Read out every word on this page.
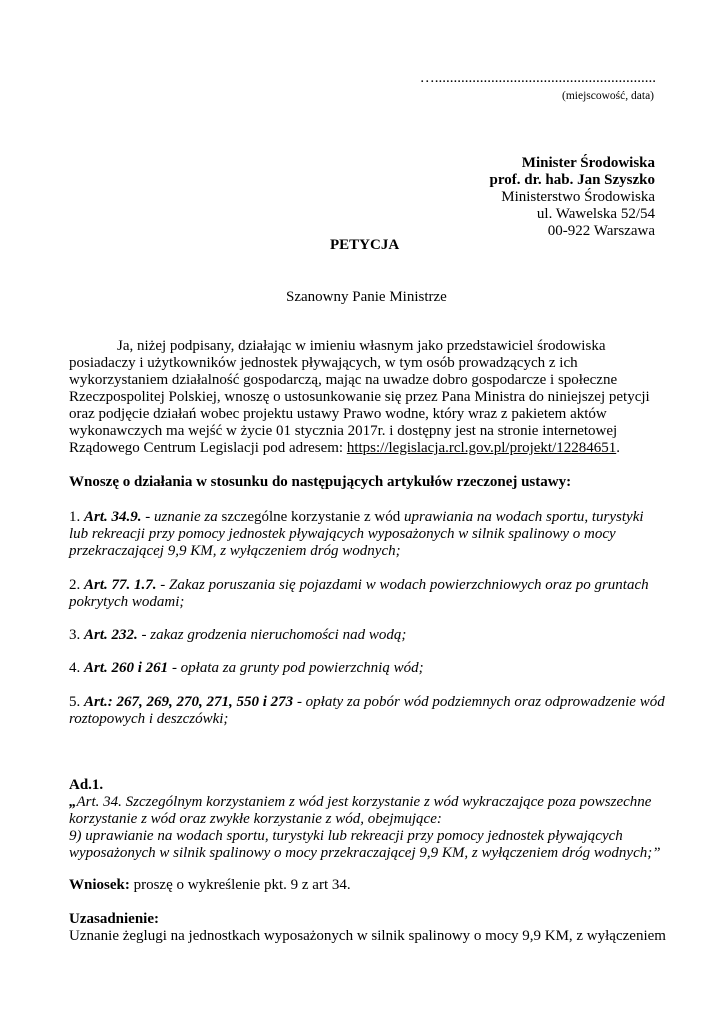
…...........................................................
(miejscowość, data)
Minister Środowiska
prof. dr. hab. Jan Szyszko
Ministerstwo Środowiska
ul. Wawelska 52/54
00-922 Warszawa
PETYCJA
Szanowny Panie Ministrze
Ja, niżej podpisany, działając w imieniu własnym jako przedstawiciel środowiska
posiadaczy i użytkowników jednostek pływających, w tym osób prowadzących z ich
wykorzystaniem działalność gospodarczą, mając na uwadze dobro gospodarcze i społeczne
Rzeczpospolitej Polskiej, wnoszę o ustosunkowanie się przez Pana Ministra do niniejszej petycji
oraz podjęcie działań wobec projektu ustawy Prawo wodne, który wraz z pakietem aktów
wykonawczych ma wejść w życie 01 stycznia 2017r. i dostępny jest na stronie internetowej
Rządowego Centrum Legislacji pod adresem: https://legislacja.rcl.gov.pl/projekt/12284651.
Wnoszę o działania w stosunku do następujących artykułów rzeczonej ustawy:
1. Art. 34.9. - uznanie za szczególne korzystanie z wód uprawiania na wodach sportu, turystyki
lub rekreacji przy pomocy jednostek pływających wyposażonych w silnik spalinowy o mocy
przekraczającej 9,9 KM, z wyłączeniem dróg wodnych;
2. Art. 77. 1.7. - Zakaz poruszania się pojazdami w wodach powierzchniowych oraz po gruntach
pokrytych wodami;
3. Art. 232. - zakaz grodzenia nieruchomości nad wodą;
4. Art. 260 i 261 - opłata za grunty pod powierzchnią wód;
5. Art.: 267, 269, 270, 271, 550 i 273 - opłaty za pobór wód podziemnych oraz odprowadzenie wód
roztopowych i deszczówki;
Ad.1.
„Art. 34. Szczególnym korzystaniem z wód jest korzystanie z wód wykraczające poza powszechne
korzystanie z wód oraz zwykłe korzystanie z wód, obejmujące:
9) uprawianie na wodach sportu, turystyki lub rekreacji przy pomocy jednostek pływających
wyposażonych w silnik spalinowy o mocy przekraczającej 9,9 KM, z wyłączeniem dróg wodnych;”
Wniosek: proszę o wykreślenie pkt. 9 z art 34.
Uzasadnienie:
Uznanie żeglugi na jednostkach wyposażonych w silnik spalinowy o mocy 9,9 KM, z wyłączeniem
